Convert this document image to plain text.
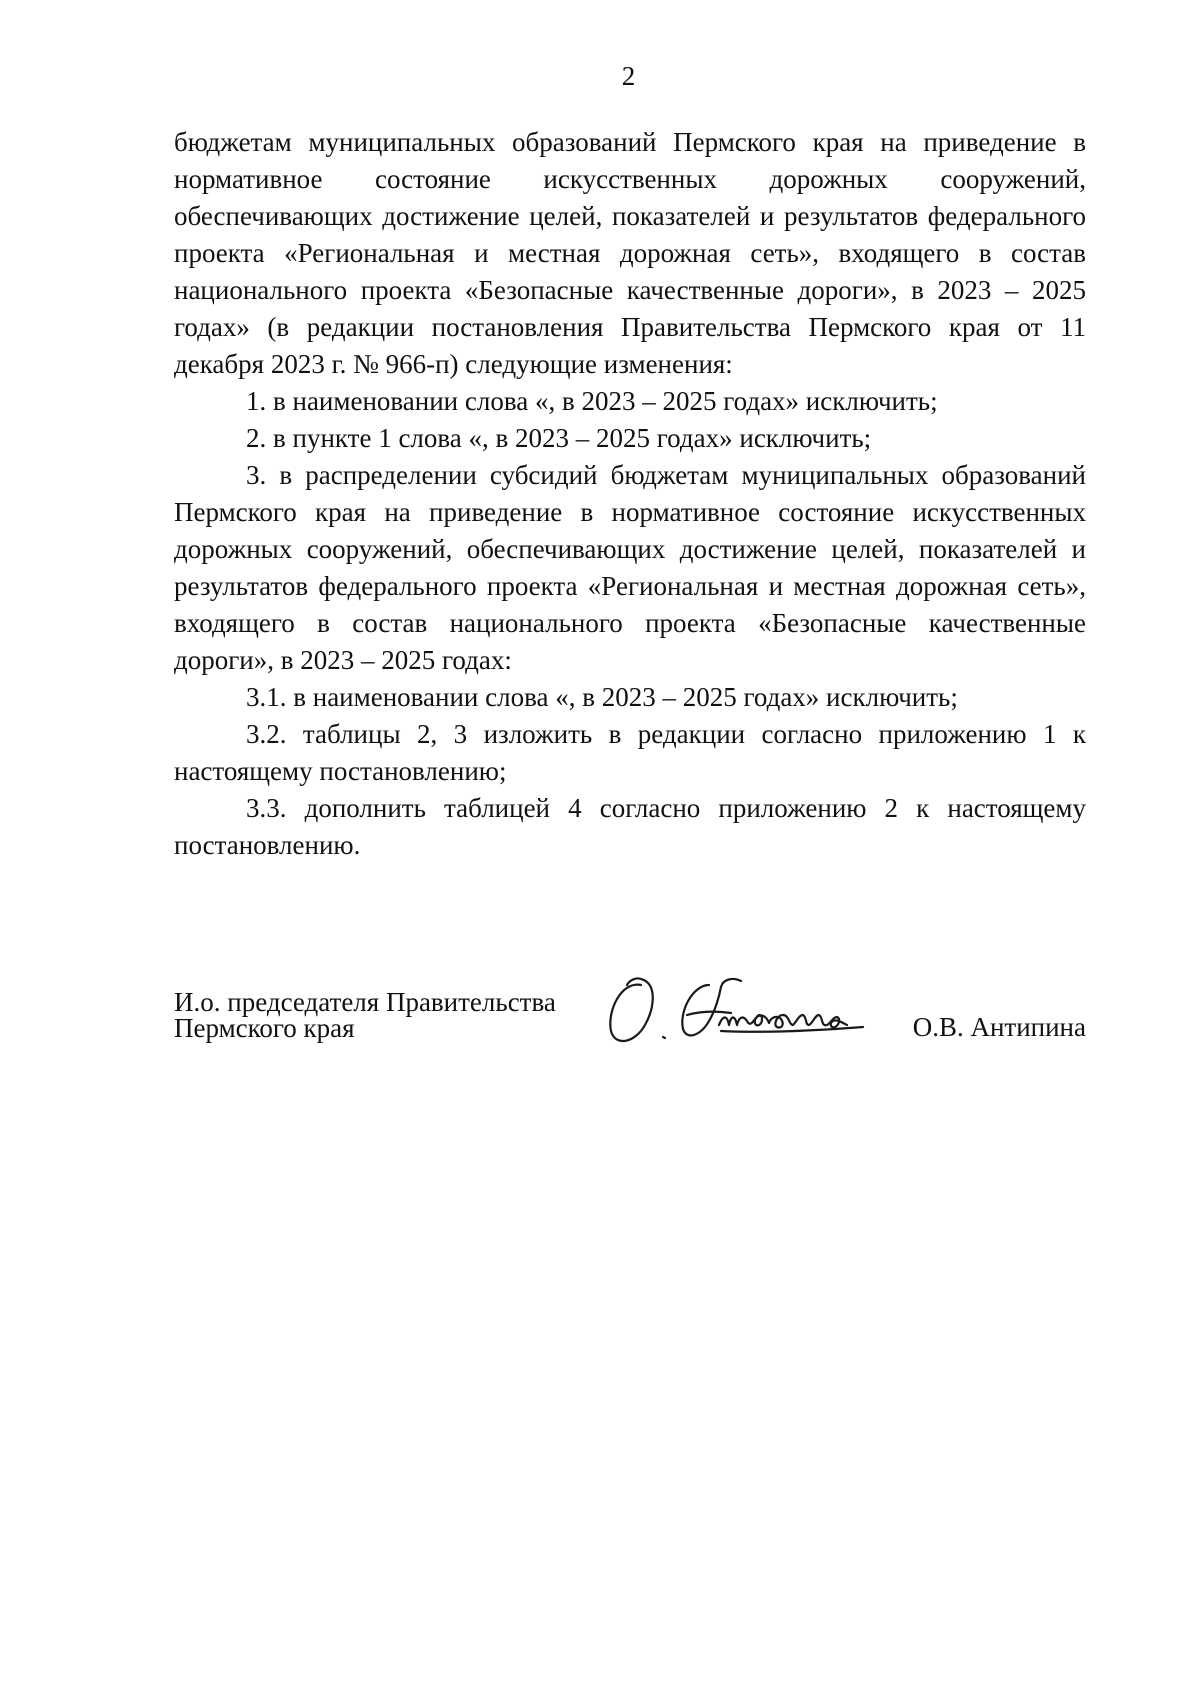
2

бюджетам муниципальных образований Пермского края на приведение в нормативное состояние искусственных дорожных сооружений, обеспечивающих достижение целей, показателей и результатов федерального проекта «Региональная и местная дорожная сеть», входящего в состав национального проекта «Безопасные качественные дороги», в 2023 – 2025 годах» (в редакции постановления Правительства Пермского края от 11 декабря 2023 г. № 966-п) следующие изменения:

1. в наименовании слова «, в 2023 – 2025 годах» исключить;

2. в пункте 1 слова «, в 2023 – 2025 годах» исключить;

3. в распределении субсидий бюджетам муниципальных образований Пермского края на приведение в нормативное состояние искусственных дорожных сооружений, обеспечивающих достижение целей, показателей и результатов федерального проекта «Региональная и местная дорожная сеть», входящего в состав национального проекта «Безопасные качественные дороги», в 2023 – 2025 годах:

3.1. в наименовании слова «, в 2023 – 2025 годах» исключить;

3.2. таблицы 2, 3 изложить в редакции согласно приложению 1 к настоящему постановлению;

3.3. дополнить таблицей 4 согласно приложению 2 к настоящему постановлению.

И.о. председателя Правительства
Пермского края	О.В. Антипина
